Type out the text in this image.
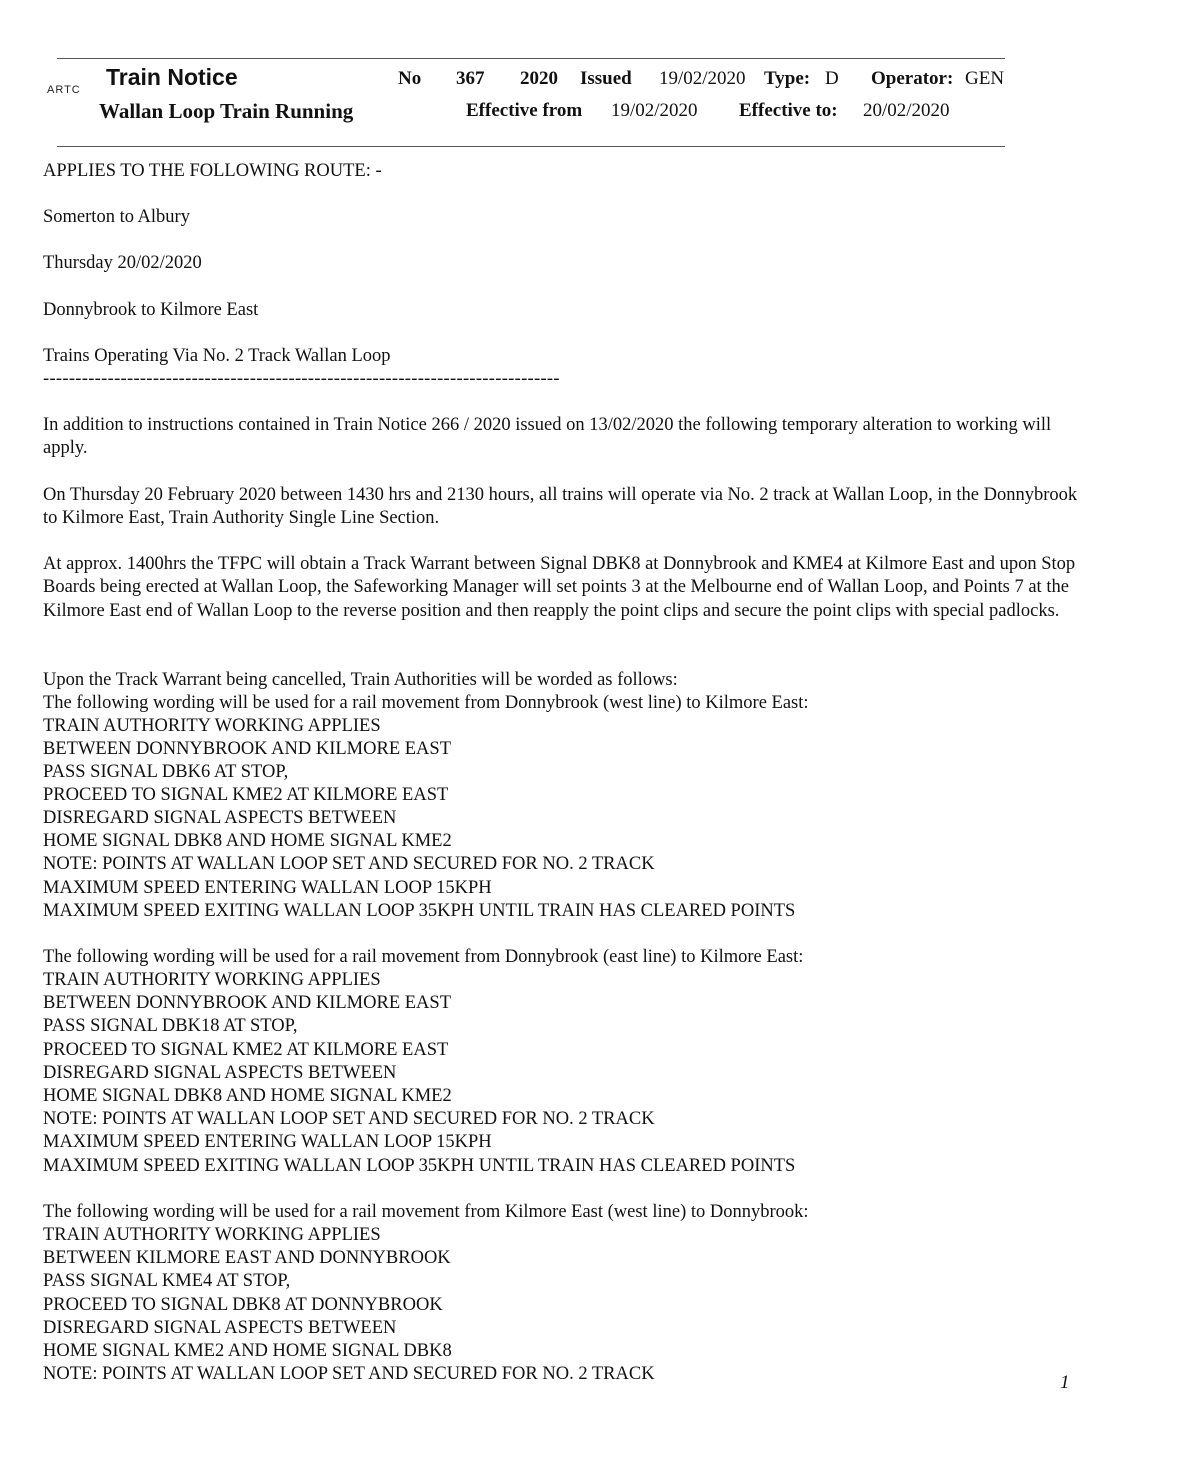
ARTC Train Notice
Wallan Loop Train Running
No 367 2020 Issued 19/02/2020 Type: D Operator: GEN
Effective from 19/02/2020 Effective to: 20/02/2020
APPLIES TO THE FOLLOWING ROUTE: -
Somerton to Albury
Thursday 20/02/2020
Donnybrook to Kilmore East
Trains Operating Via No. 2 Track Wallan Loop
--------------------------------------------------------------------------------
In addition to instructions contained in Train Notice 266 / 2020 issued on 13/02/2020 the following temporary alteration to working will apply.
On Thursday 20 February 2020 between 1430 hrs and 2130 hours, all trains will operate via No. 2 track at Wallan Loop, in the Donnybrook to Kilmore East, Train Authority Single Line Section.
At approx. 1400hrs the TFPC will obtain a Track Warrant between Signal DBK8 at Donnybrook and KME4 at Kilmore East and upon Stop Boards being erected at Wallan Loop, the Safeworking Manager will set points 3 at the Melbourne end of Wallan Loop, and Points 7 at the Kilmore East end of Wallan Loop to the reverse position and then reapply the point clips and secure the point clips with special padlocks.
Upon the Track Warrant being cancelled, Train Authorities will be worded as follows:
The following wording will be used for a rail movement from Donnybrook (west line) to Kilmore East:
TRAIN AUTHORITY WORKING APPLIES
BETWEEN DONNYBROOK AND KILMORE EAST
PASS SIGNAL DBK6 AT STOP,
PROCEED TO SIGNAL KME2 AT KILMORE EAST
DISREGARD SIGNAL ASPECTS BETWEEN
HOME SIGNAL DBK8 AND HOME SIGNAL KME2
NOTE: POINTS AT WALLAN LOOP SET AND SECURED FOR NO. 2 TRACK
MAXIMUM SPEED ENTERING WALLAN LOOP 15KPH
MAXIMUM SPEED EXITING WALLAN LOOP 35KPH UNTIL TRAIN HAS CLEARED POINTS
The following wording will be used for a rail movement from Donnybrook (east line) to Kilmore East:
TRAIN AUTHORITY WORKING APPLIES
BETWEEN DONNYBROOK AND KILMORE EAST
PASS SIGNAL DBK18 AT STOP,
PROCEED TO SIGNAL KME2 AT KILMORE EAST
DISREGARD SIGNAL ASPECTS BETWEEN
HOME SIGNAL DBK8 AND HOME SIGNAL KME2
NOTE: POINTS AT WALLAN LOOP SET AND SECURED FOR NO. 2 TRACK
MAXIMUM SPEED ENTERING WALLAN LOOP 15KPH
MAXIMUM SPEED EXITING WALLAN LOOP 35KPH UNTIL TRAIN HAS CLEARED POINTS
The following wording will be used for a rail movement from Kilmore East (west line) to Donnybrook:
TRAIN AUTHORITY WORKING APPLIES
BETWEEN KILMORE EAST AND DONNYBROOK
PASS SIGNAL KME4 AT STOP,
PROCEED TO SIGNAL DBK8 AT DONNYBROOK
DISREGARD SIGNAL ASPECTS BETWEEN
HOME SIGNAL KME2 AND HOME SIGNAL DBK8
NOTE: POINTS AT WALLAN LOOP SET AND SECURED FOR NO. 2 TRACK	1
